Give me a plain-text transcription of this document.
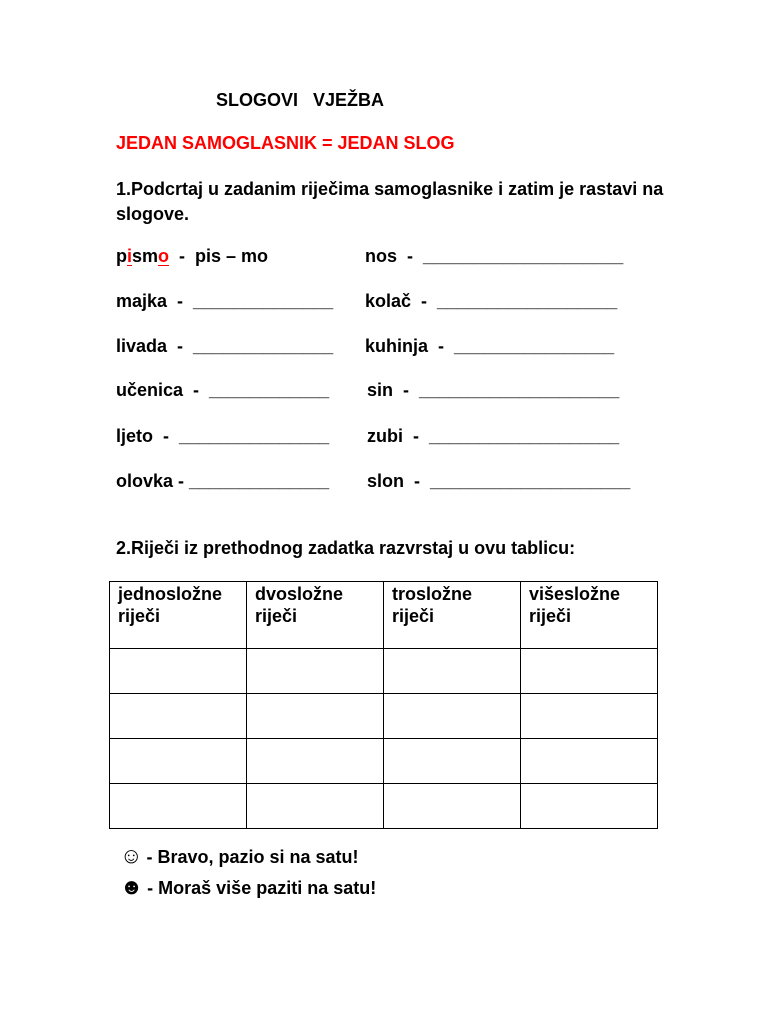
SLOGOVI   VJEŽBA
JEDAN SAMOGLASNIK = JEDAN SLOG
1.Podcrtaj u zadanim riječima samoglasnike i zatim je rastavi na slogove.
pismo  -  pis – mo
majka  -  ______________
livada  -  ______________
učenica  -  ____________
ljeto  -  _______________
olovka - ______________
nos  -  ____________________
kolač  -  __________________
kuhinja  -  ________________
sin  -  ____________________
zubi  -  ___________________
slon  -  ____________________
2.Riječi iz prethodnog zadatka razvrstaj u ovu tablicu:
jednosložne riječi	dvosložne riječi	trosložne riječi	višesložne riječi

☺ - Bravo, pazio si na satu!
☻ - Moraš više paziti na satu!
